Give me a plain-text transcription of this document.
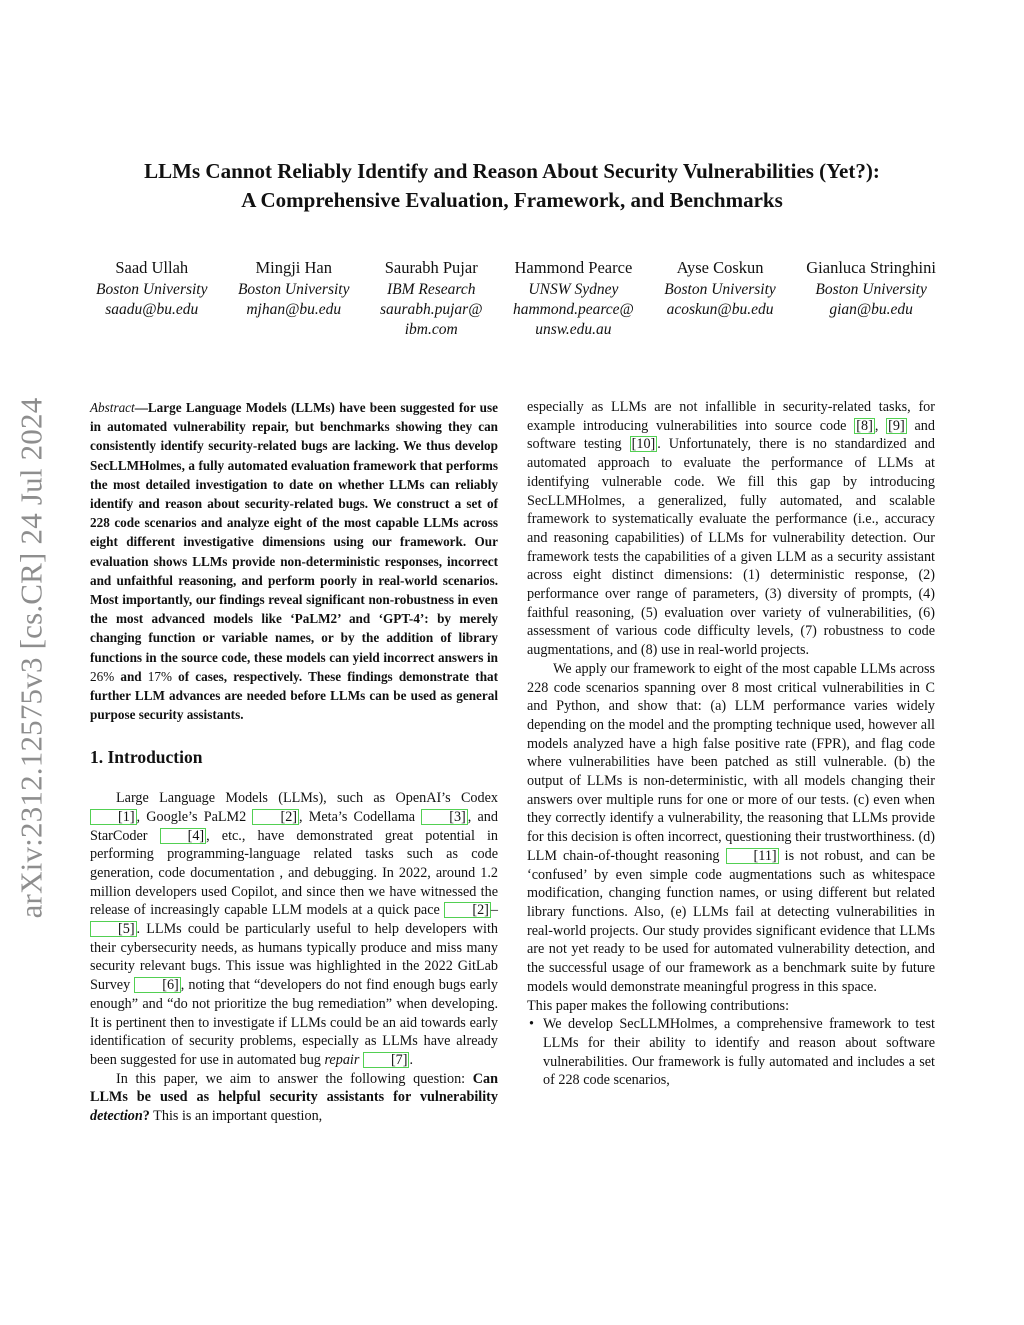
arXiv:2312.12575v3 [cs.CR] 24 Jul 2024
LLMs Cannot Reliably Identify and Reason About Security Vulnerabilities (Yet?):
A Comprehensive Evaluation, Framework, and Benchmarks
Saad Ullah
Boston University
saadu@bu.edu
Mingji Han
Boston University
mjhan@bu.edu
Saurabh Pujar
IBM Research
saurabh.pujar@
ibm.com
Hammond Pearce
UNSW Sydney
hammond.pearce@
unsw.edu.au
Ayse Coskun
Boston University
acoskun@bu.edu
Gianluca Stringhini
Boston University
gian@bu.edu

Abstract—Large Language Models (LLMs) have been suggested for use in automated vulnerability repair, but benchmarks showing they can consistently identify security-related bugs are lacking. We thus develop SecLLMHolmes, a fully automated evaluation framework that performs the most detailed investigation to date on whether LLMs can reliably identify and reason about security-related bugs. We construct a set of 228 code scenarios and analyze eight of the most capable LLMs across eight different investigative dimensions using our framework. Our evaluation shows LLMs provide non-deterministic responses, incorrect and unfaithful reasoning, and perform poorly in real-world scenarios. Most importantly, our findings reveal significant non-robustness in even the most advanced models like ‘PaLM2’ and ‘GPT-4’: by merely changing function or variable names, or by the addition of library functions in the source code, these models can yield incorrect answers in 26% and 17% of cases, respectively. These findings demonstrate that further LLM advances are needed before LLMs can be used as general purpose security assistants.

1. Introduction

Large Language Models (LLMs), such as OpenAI’s Codex [1] , Google’s PaLM2 [2] , Meta’s Codellama [3] , and StarCoder [4] , etc., have demonstrated great potential in performing programming-language related tasks such as code generation, code documentation , and debugging. In 2022, around 1.2 million developers used Copilot, and since then we have witnessed the release of increasingly capable LLM models at a quick pace [2] –[5] . LLMs could be particularly useful to help developers with their cybersecurity needs, as humans typically produce and miss many security relevant bugs. This issue was highlighted in the 2022 GitLab Survey [6] , noting that “developers do not find enough bugs early enough” and “do not prioritize the bug remediation” when developing. It is pertinent then to investigate if LLMs could be an aid towards early identification of security problems, especially as LLMs have already been suggested for use in automated bug repair [7] .

In this paper, we aim to answer the following question: Can LLMs be used as helpful security assistants for vulnerability detection? This is an important question,

especially as LLMs are not infallible in security-related tasks, for example introducing vulnerabilities into source code [8] , [9] and software testing [10] . Unfortunately, there is no standardized and automated approach to evaluate the performance of LLMs at identifying vulnerable code. We fill this gap by introducing SecLLMHolmes, a generalized, fully automated, and scalable framework to systematically evaluate the performance (i.e., accuracy and reasoning capabilities) of LLMs for vulnerability detection. Our framework tests the capabilities of a given LLM as a security assistant across eight distinct dimensions: (1) deterministic response, (2) performance over range of parameters, (3) diversity of prompts, (4) faithful reasoning, (5) evaluation over variety of vulnerabilities, (6) assessment of various code difficulty levels, (7) robustness to code augmentations, and (8) use in real-world projects.

We apply our framework to eight of the most capable LLMs across 228 code scenarios spanning over 8 most critical vulnerabilities in C and Python, and show that: (a) LLM performance varies widely depending on the model and the prompting technique used, however all models analyzed have a high false positive rate (FPR), and flag code where vulnerabilities have been patched as still vulnerable. (b) the output of LLMs is non-deterministic, with all models changing their answers over multiple runs for one or more of our tests. (c) even when they correctly identify a vulnerability, the reasoning that LLMs provide for this decision is often incorrect, questioning their trustworthiness. (d) LLM chain-of-thought reasoning [11] is not robust, and can be ‘confused’ by even simple code augmentations such as whitespace modification, changing function names, or using different but related library functions. Also, (e) LLMs fail at detecting vulnerabilities in real-world projects. Our study provides significant evidence that LLMs are not yet ready to be used for automated vulnerability detection, and the successful usage of our framework as a benchmark suite by future models would demonstrate meaningful progress in this space.

This paper makes the following contributions:

• We develop SecLLMHolmes, a comprehensive framework to test LLMs for their ability to identify and reason about software vulnerabilities. Our framework is fully automated and includes a set of 228 code scenarios,
